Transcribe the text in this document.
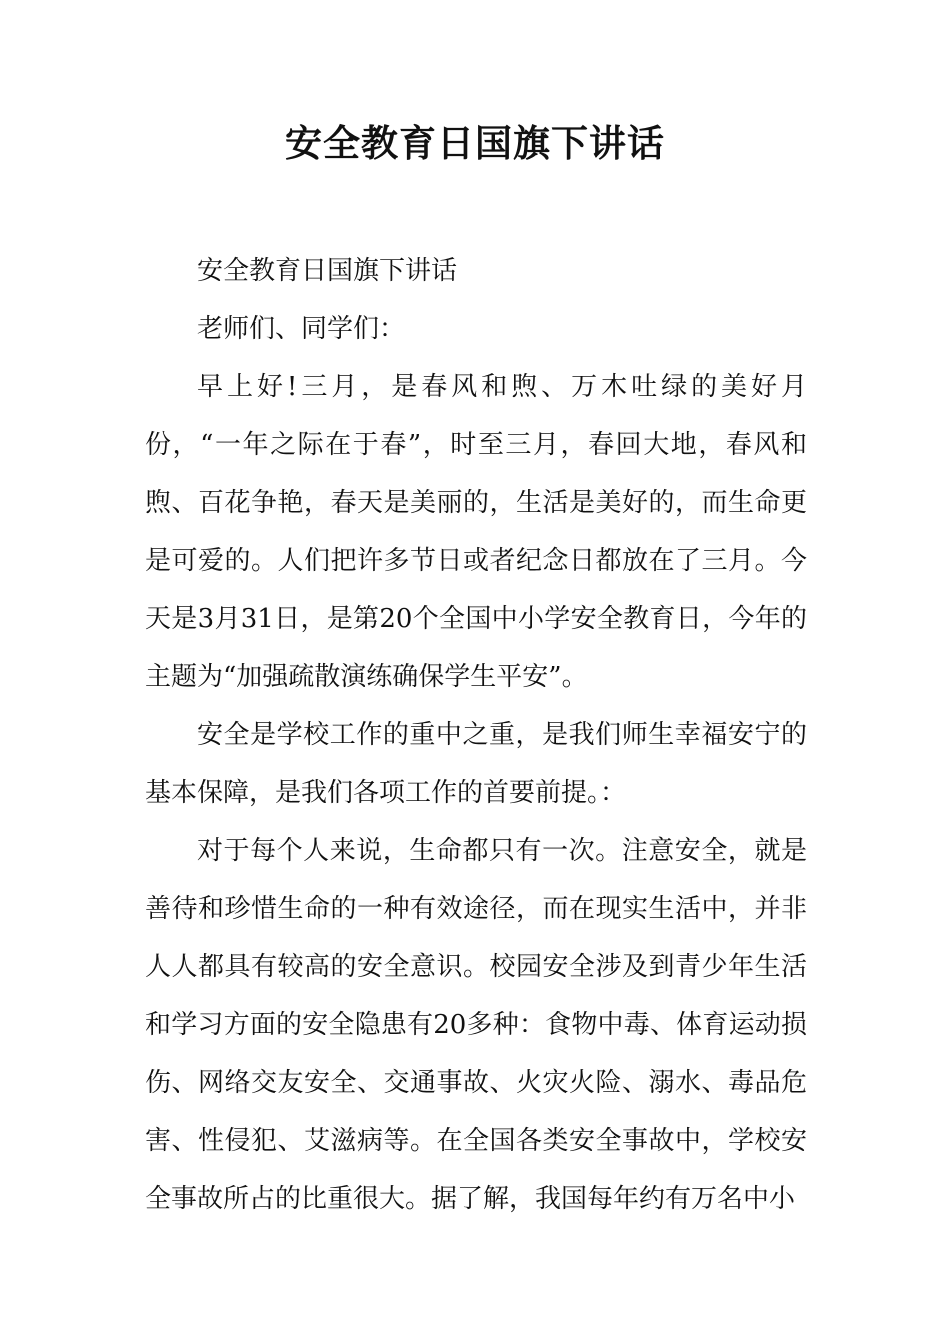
安全教育日国旗下讲话

安全教育日国旗下讲话

老师们、同学们：

早上好!三月，是春风和煦、万木吐绿的美好月份，“一年之际在于春”，时至三月，春回大地，春风和煦、百花争艳，春天是美丽的，生活是美好的，而生命更是可爱的。人们把许多节日或者纪念日都放在了三月。今天是3月31日，是第20个全国中小学安全教育日，今年的主题为“加强疏散演练确保学生平安”。

安全是学校工作的重中之重，是我们师生幸福安宁的基本保障，是我们各项工作的首要前提。：

对于每个人来说，生命都只有一次。注意安全，就是善待和珍惜生命的一种有效途径，而在现实生活中，并非人人都具有较高的安全意识。校园安全涉及到青少年生活和学习方面的安全隐患有20多种：食物中毒、体育运动损伤、网络交友安全、交通事故、火灾火险、溺水、毒品危害、性侵犯、艾滋病等。在全国各类安全事故中，学校安全事故所占的比重很大。据了解，我国每年约有万名中小
